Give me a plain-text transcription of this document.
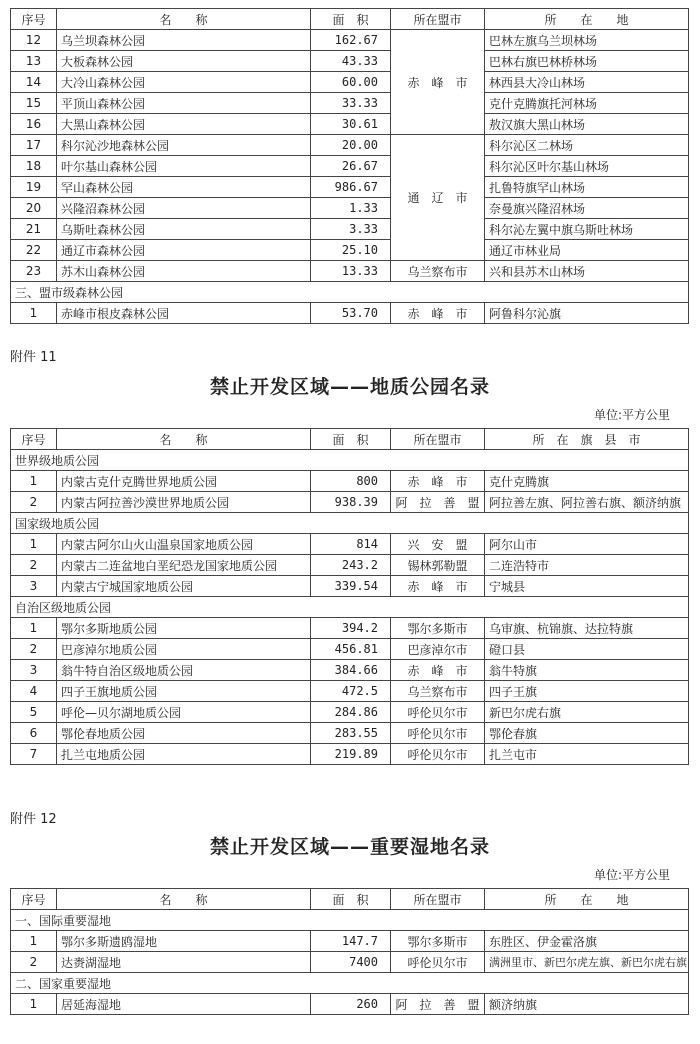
序号	名　　称	面　积	所在盟市	所　　在　　地
12	乌兰坝森林公园	162.67	赤　峰　市	巴林左旗乌兰坝林场
13	大板森林公园	43.33		巴林右旗巴林桥林场
14	大冷山森林公园	60.00		林西县大冷山林场
15	平顶山森林公园	33.33		克什克腾旗托河林场
16	大黑山森林公园	30.61		敖汉旗大黑山林场
17	科尔沁沙地森林公园	20.00	通　辽　市	科尔沁区二林场
18	叶尔基山森林公园	26.67		科尔沁区叶尔基山林场
19	罕山森林公园	986.67		扎鲁特旗罕山林场
20	兴隆沼森林公园	1.33		奈曼旗兴隆沼林场
21	乌斯吐森林公园	3.33		科尔沁左翼中旗乌斯吐林场
22	通辽市森林公园	25.10		通辽市林业局
23	苏木山森林公园	13.33	乌兰察布市	兴和县苏木山林场
三、盟市级森林公园				
1	赤峰市根皮森林公园	53.70	赤　峰　市	阿鲁科尔沁旗
附件 11
禁止开发区域——地质公园名录
单位:平方公里
序号	名　　称	面　积	所在盟市	所　在　旗　县　市
世界级地质公园				
1	内蒙古克什克腾世界地质公园	800	赤　峰　市	克什克腾旗
2	内蒙古阿拉善沙漠世界地质公园	938.39	阿　拉　善　盟	阿拉善左旗、阿拉善右旗、额济纳旗
国家级地质公园				
1	内蒙古阿尔山火山温泉国家地质公园	814	兴　安　盟	阿尔山市
2	内蒙古二连盆地白垩纪恐龙国家地质公园	243.2	锡林郭勒盟	二连浩特市
3	内蒙古宁城国家地质公园	339.54	赤　峰　市	宁城县
自治区级地质公园				
1	鄂尔多斯地质公园	394.2	鄂尔多斯市	乌审旗、杭锦旗、达拉特旗
2	巴彦淖尔地质公园	456.81	巴彦淖尔市	磴口县
3	翁牛特自治区级地质公园	384.66	赤　峰　市	翁牛特旗
4	四子王旗地质公园	472.5	乌兰察布市	四子王旗
5	呼伦—贝尔湖地质公园	284.86	呼伦贝尔市	新巴尔虎右旗
6	鄂伦春地质公园	283.55	呼伦贝尔市	鄂伦春旗
7	扎兰屯地质公园	219.89	呼伦贝尔市	扎兰屯市
附件 12
禁止开发区域——重要湿地名录
单位:平方公里
序号	名　　称	面　积	所在盟市	所　　在　　地
一、国际重要湿地				
1	鄂尔多斯遗鸥湿地	147.7	鄂尔多斯市	东胜区、伊金霍洛旗
2	达赉湖湿地	7400	呼伦贝尔市	满洲里市、新巴尔虎左旗、新巴尔虎右旗
二、国家重要湿地				
1	居延海湿地	260	阿　拉　善　盟	额济纳旗
